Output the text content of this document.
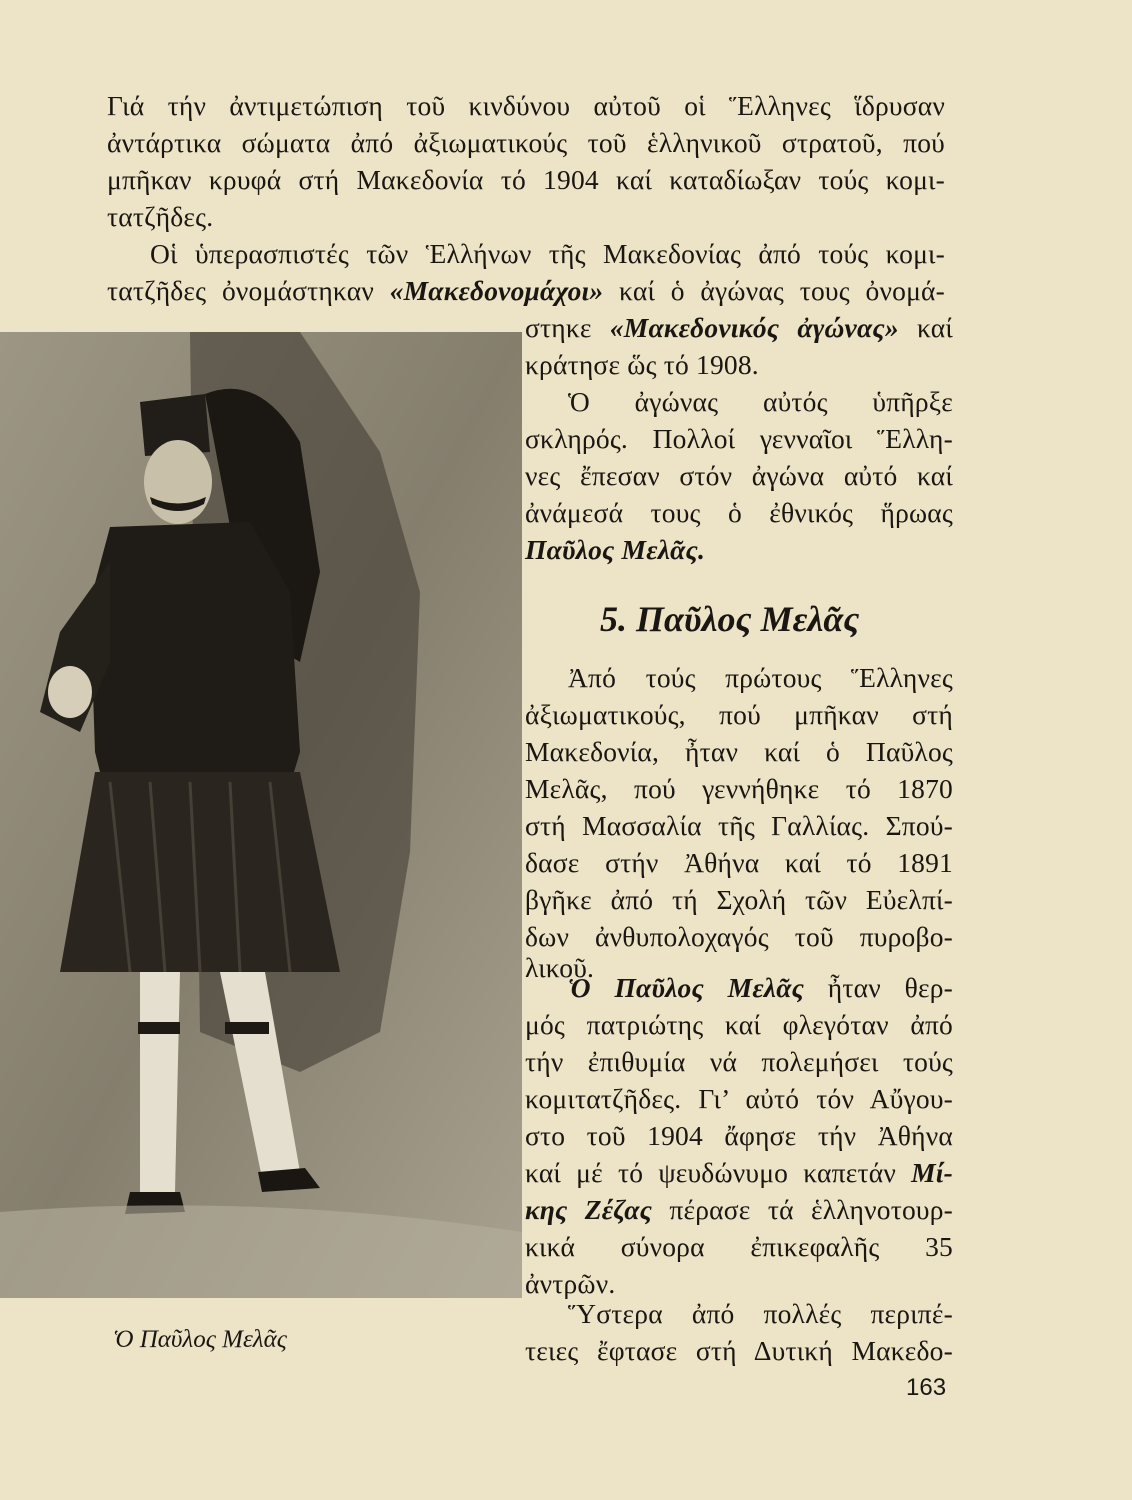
Γιά τήν ἀντιμετώπιση τοῦ κινδύνου αὐτοῦ οἱ Ἕλληνες ἵδρυσαν
ἀντάρτικα σώματα ἀπό ἀξιωματικούς τοῦ ἑλληνικοῦ στρατοῦ, πού
μπῆκαν κρυφά στή Μακεδονία τό 1904 καί καταδίωξαν τούς κομι-
τατζῆδες.
Οἱ ὑπερασπιστές τῶν Ἑλλήνων τῆς Μακεδονίας ἀπό τούς κομι-
τατζῆδες ὀνομάστηκαν «Μακεδονομάχοι» καί ὁ ἀγώνας τους ὀνομά-
στηκε «Μακεδονικός ἀγώνας» καί
κράτησε ὥς τό 1908.
Ὁ ἀγώνας αὐτός ὑπῆρξε
σκληρός. Πολλοί γενναῖοι Ἕλλη-
νες ἔπεσαν στόν ἀγώνα αὐτό καί
ἀνάμεσά τους ὁ ἐθνικός ἥρωας
Παῦλος Μελᾶς.
5. Παῦλος Μελᾶς
Ἀπό τούς πρώτους Ἕλληνες
ἀξιωματικούς, πού μπῆκαν στή
Μακεδονία, ἦταν καί ὁ Παῦλος
Μελᾶς, πού γεννήθηκε τό 1870
στή Μασσαλία τῆς Γαλλίας. Σπού-
δασε στήν Ἀθήνα καί τό 1891
βγῆκε ἀπό τή Σχολή τῶν Εὐελπί-
δων ἀνθυπολοχαγός τοῦ πυροβο-
λικοῦ.
Ὁ Παῦλος Μελᾶς ἦταν θερ-
μός πατριώτης καί φλεγόταν ἀπό
τήν ἐπιθυμία νά πολεμήσει τούς
κομιτατζῆδες. Γι’ αὐτό τόν Αὔγου-
στο τοῦ 1904 ἄφησε τήν Ἀθήνα
καί μέ τό ψευδώνυμο καπετάν Μί-
κης Ζέζας πέρασε τά ἑλληνοτουρ-
κικά σύνορα ἐπικεφαλῆς 35
ἀντρῶν.
Ὕστερα ἀπό πολλές περιπέ-
τειες ἔφτασε στή Δυτική Μακεδο-
Ὁ Παῦλος Μελᾶς
163
